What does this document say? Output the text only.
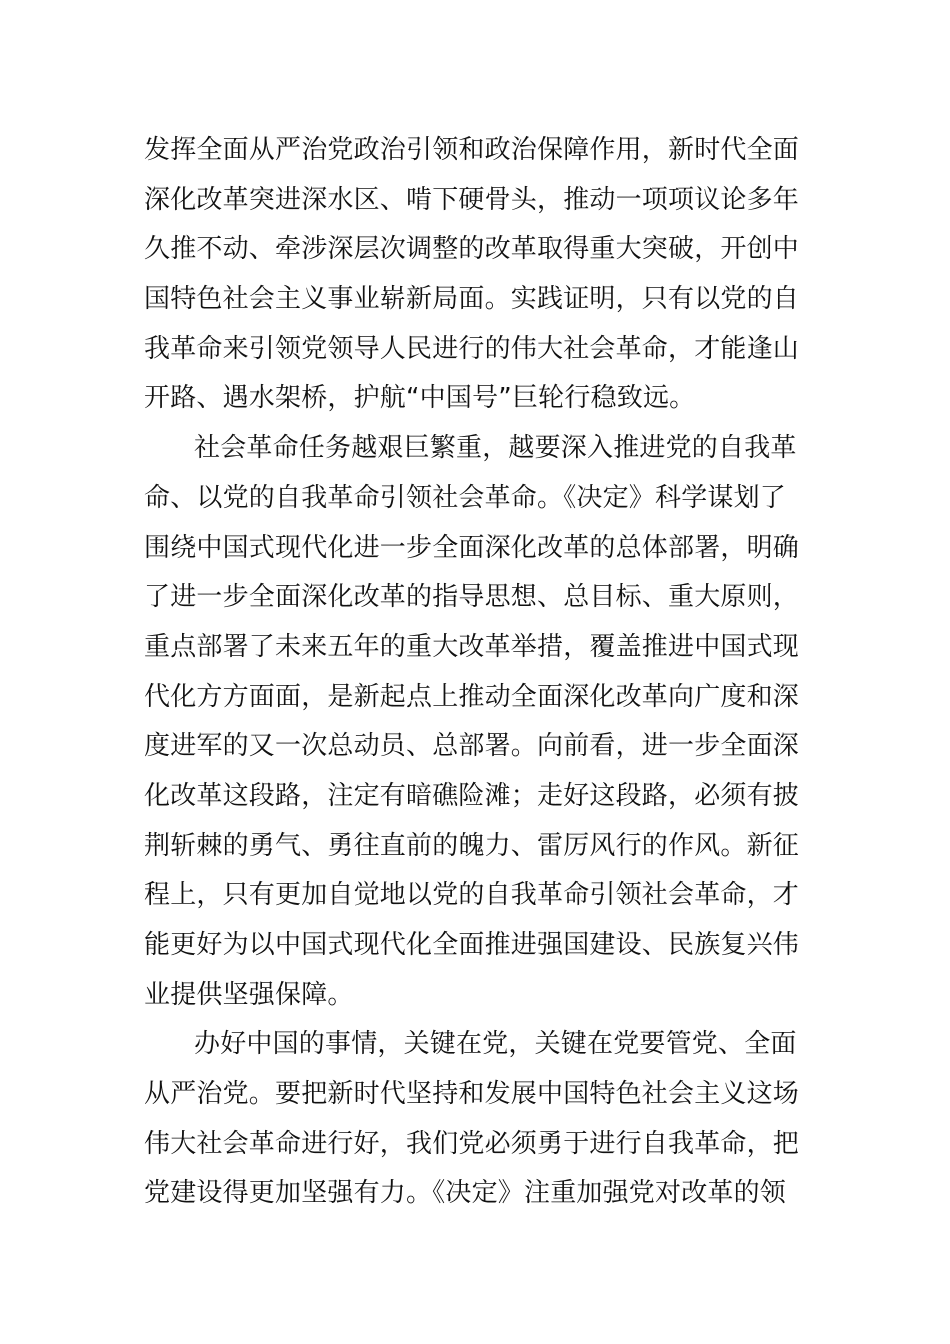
发挥全面从严治党政治引领和政治保障作用，新时代全面
深化改革突进深水区、啃下硬骨头，推动一项项议论多年
久推不动、牵涉深层次调整的改革取得重大突破，开创中
国特色社会主义事业崭新局面。实践证明，只有以党的自
我革命来引领党领导人民进行的伟大社会革命，才能逢山
开路、遇水架桥，护航“中国号”巨轮行稳致远。
社会革命任务越艰巨繁重，越要深入推进党的自我革
命、以党的自我革命引领社会革命。《决定》科学谋划了
围绕中国式现代化进一步全面深化改革的总体部署，明确
了进一步全面深化改革的指导思想、总目标、重大原则，
重点部署了未来五年的重大改革举措，覆盖推进中国式现
代化方方面面，是新起点上推动全面深化改革向广度和深
度进军的又一次总动员、总部署。向前看，进一步全面深
化改革这段路，注定有暗礁险滩；走好这段路，必须有披
荆斩棘的勇气、勇往直前的魄力、雷厉风行的作风。新征
程上，只有更加自觉地以党的自我革命引领社会革命，才
能更好为以中国式现代化全面推进强国建设、民族复兴伟
业提供坚强保障。
办好中国的事情，关键在党，关键在党要管党、全面
从严治党。要把新时代坚持和发展中国特色社会主义这场
伟大社会革命进行好，我们党必须勇于进行自我革命，把
党建设得更加坚强有力。《决定》注重加强党对改革的领
